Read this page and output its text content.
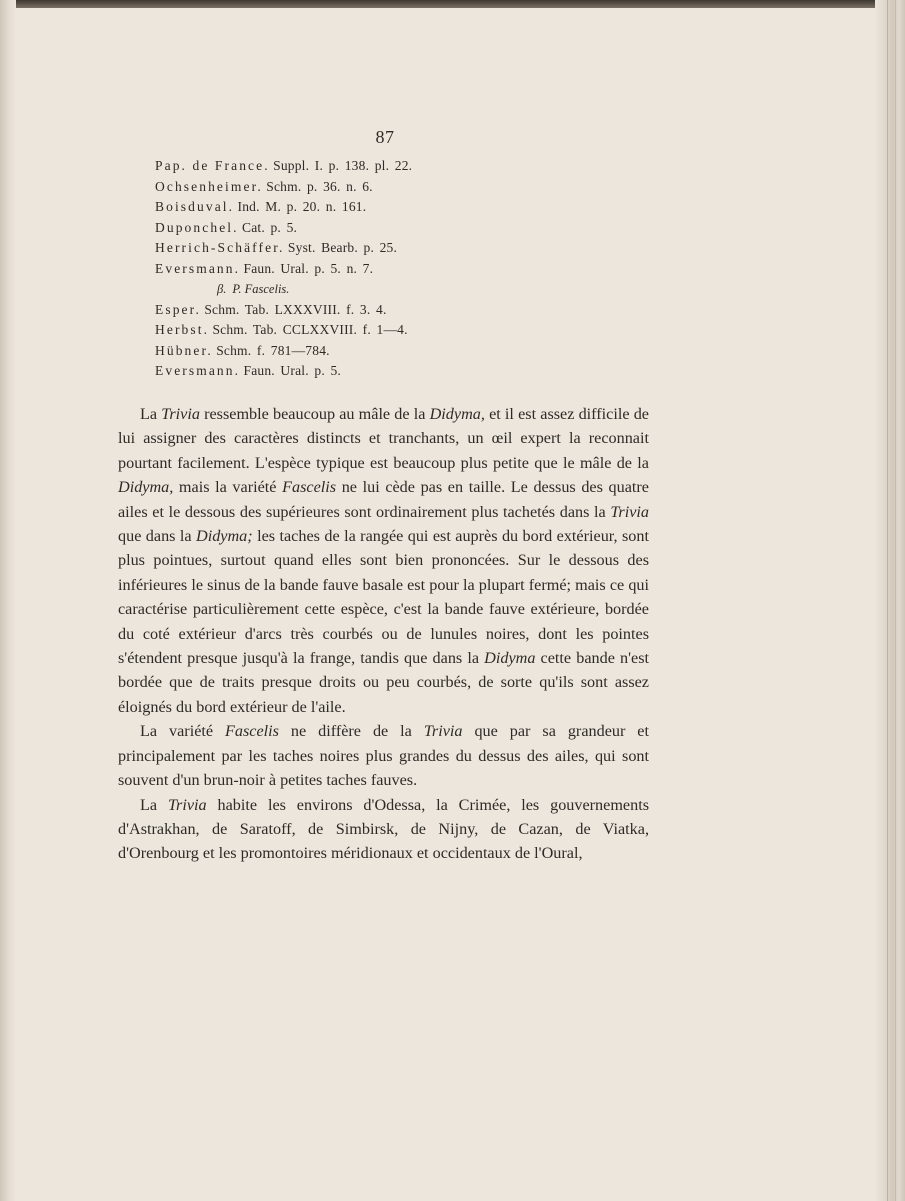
87
Pap. de France. Suppl. I. p. 138. pl. 22.
Ochsenheimer. Schm. p. 36. n. 6.
Boisduval. Ind. M. p. 20. n. 161.
Duponchel. Cat. p. 5.
Herrich-Schäffer. Syst. Bearb. p. 25.
Eversmann. Faun. Ural. p. 5. n. 7.
β. P. Fascelis.
Esper. Schm. Tab. LXXXVIII. f. 3. 4.
Herbst. Schm. Tab. CCLXXVIII. f. 1—4.
Hübner. Schm. f. 781—784.
Eversmann. Faun. Ural. p. 5.

La Trivia ressemble beaucoup au mâle de la Didyma, et il est assez difficile de lui assigner des caractères distincts et tranchants, un œil expert la reconnait pourtant facilement. L'espèce typique est beaucoup plus petite que le mâle de la Didyma, mais la variété Fascelis ne lui cède pas en taille. Le dessus des quatre ailes et le dessous des supérieures sont ordinairement plus tachetés dans la Trivia que dans la Didyma; les taches de la rangée qui est auprès du bord extérieur, sont plus pointues, surtout quand elles sont bien prononcées. Sur le dessous des inférieures le sinus de la bande fauve basale est pour la plupart fermé; mais ce qui caractérise particulièrement cette espèce, c'est la bande fauve extérieure, bordée du coté extérieur d'arcs très courbés ou de lunules noires, dont les pointes s'étendent presque jusqu'à la frange, tandis que dans la Didyma cette bande n'est bordée que de traits presque droits ou peu courbés, de sorte qu'ils sont assez éloignés du bord extérieur de l'aile.

La variété Fascelis ne diffère de la Trivia que par sa grandeur et principalement par les taches noires plus grandes du dessus des ailes, qui sont souvent d'un brun-noir à petites taches fauves.

La Trivia habite les environs d'Odessa, la Crimée, les gouvernements d'Astrakhan, de Saratoff, de Simbirsk, de Nijny, de Cazan, de Viatka, d'Orenbourg et les promontoires méridionaux et occidentaux de l'Oural,
